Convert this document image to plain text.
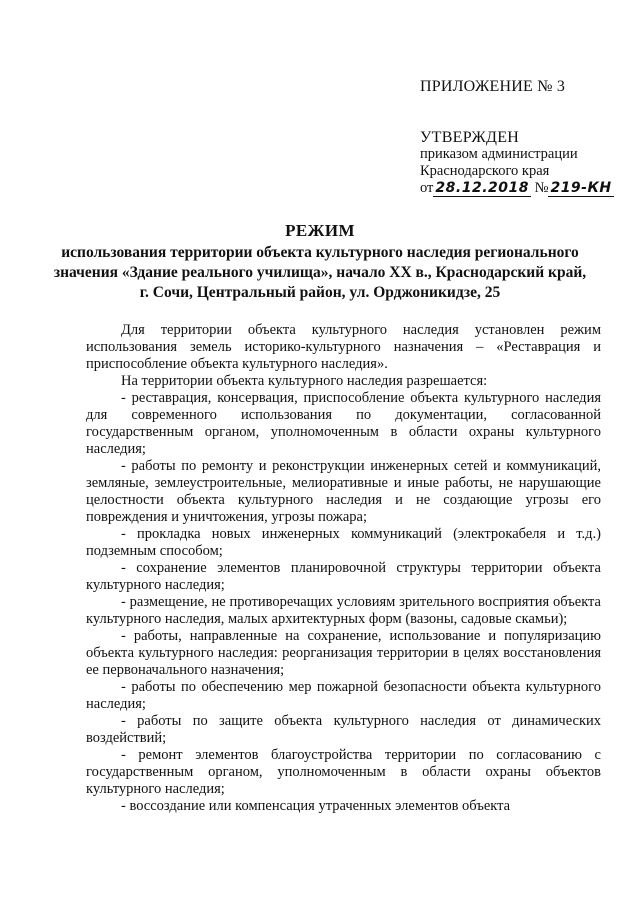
ПРИЛОЖЕНИЕ № 3
УТВЕРЖДЕН
приказом администрации
Краснодарского края
от 28.12.2018 № 219-КН
РЕЖИМ
использования территории объекта культурного наследия регионального
значения «Здание реального училища», начало XX в., Краснодарский край,
г. Сочи, Центральный район, ул. Орджоникидзе, 25

Для территории объекта культурного наследия установлен режим использования земель историко-культурного назначения – «Реставрация и приспособление объекта культурного наследия».

На территории объекта культурного наследия разрешается:

- реставрация, консервация, приспособление объекта культурного наследия для современного использования по документации, согласованной государственным органом, уполномоченным в области охраны культурного наследия;

- работы по ремонту и реконструкции инженерных сетей и коммуникаций, земляные, землеустроительные, мелиоративные и иные работы, не нарушающие целостности объекта культурного наследия и не создающие угрозы его повреждения и уничтожения, угрозы пожара;

- прокладка новых инженерных коммуникаций (электрокабеля и т.д.) подземным способом;

- сохранение элементов планировочной структуры территории объекта культурного наследия;

- размещение, не противоречащих условиям зрительного восприятия объекта культурного наследия, малых архитектурных форм (вазоны, садовые скамьи);

- работы, направленные на сохранение, использование и популяризацию объекта культурного наследия: реорганизация территории в целях восстановления ее первоначального назначения;

- работы по обеспечению мер пожарной безопасности объекта культурного наследия;

- работы по защите объекта культурного наследия от динамических воздействий;

- ремонт элементов благоустройства территории по согласованию с государственным органом, уполномоченным в области охраны объектов культурного наследия;

- воссоздание или компенсация утраченных элементов объекта
